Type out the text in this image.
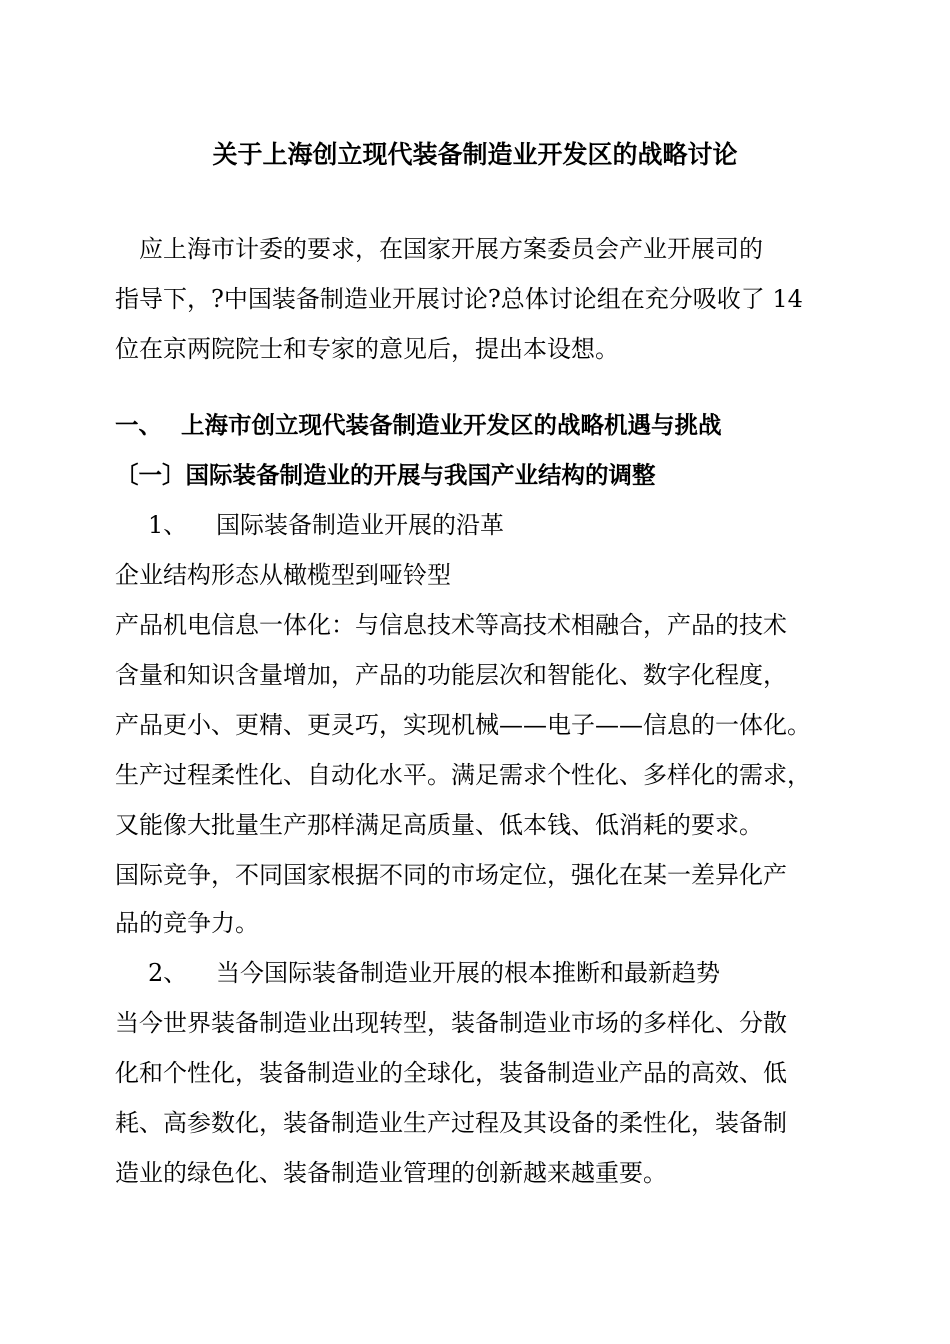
关于上海创立现代装备制造业开发区的战略讨论
　应上海市计委的要求，在国家开展方案委员会产业开展司的
指导下，?中国装备制造业开展讨论?总体讨论组在充分吸收了 14
位在京两院院士和专家的意见后，提出本设想。
一、 上海市创立现代装备制造业开发区的战略机遇与挑战
〔一〕国际装备制造业的开展与我国产业结构的调整
1、 国际装备制造业开展的沿革
企业结构形态从橄榄型到哑铃型
产品机电信息一体化：与信息技术等高技术相融合，产品的技术
含量和知识含量增加，产品的功能层次和智能化、数字化程度，
产品更小、更精、更灵巧，实现机械——电子——信息的一体化。
生产过程柔性化、自动化水平。满足需求个性化、多样化的需求，
又能像大批量生产那样满足高质量、低本钱、低消耗的要求。
国际竞争，不同国家根据不同的市场定位，强化在某一差异化产
品的竞争力。
2、 当今国际装备制造业开展的根本推断和最新趋势
当今世界装备制造业出现转型，装备制造业市场的多样化、分散
化和个性化，装备制造业的全球化，装备制造业产品的高效、低
耗、高参数化，装备制造业生产过程及其设备的柔性化，装备制
造业的绿色化、装备制造业管理的创新越来越重要。
